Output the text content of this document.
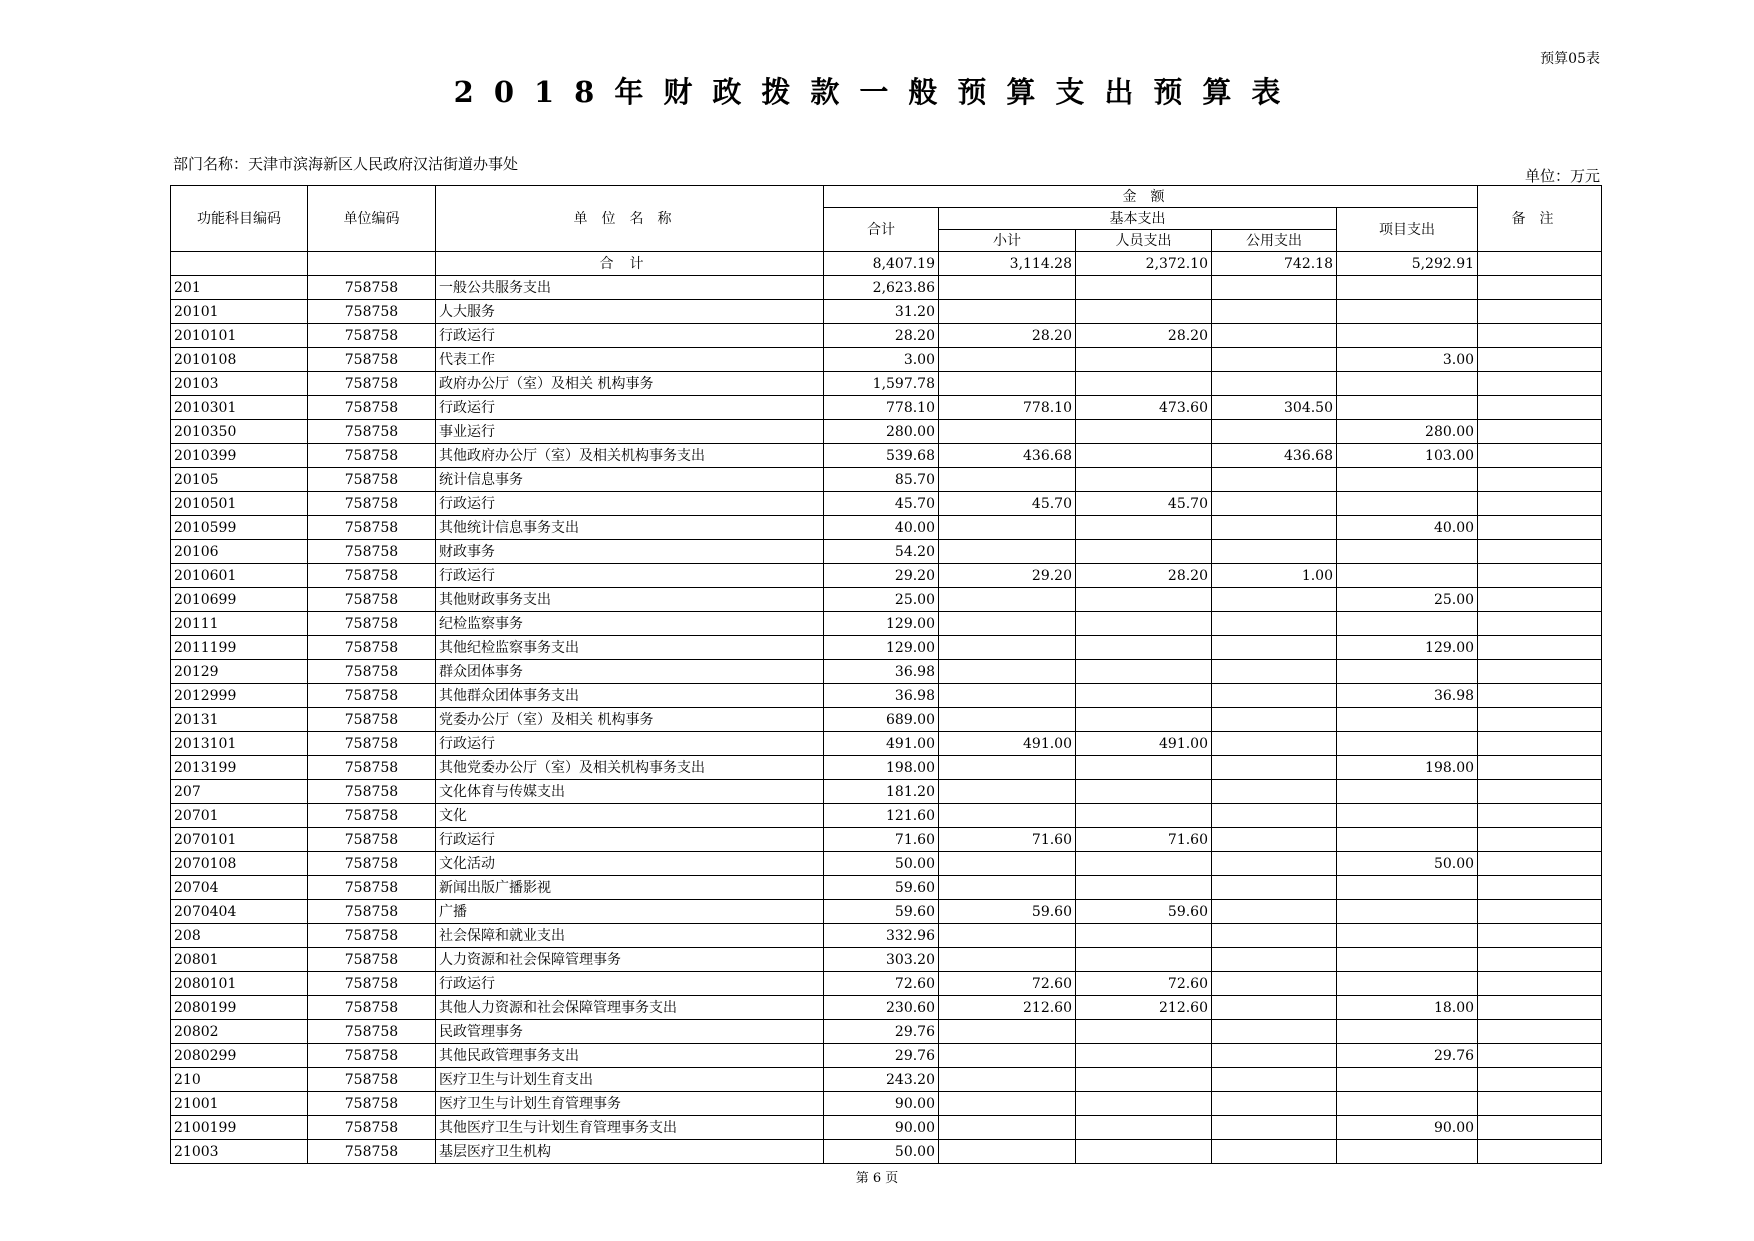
预算05表
2018年财政拨款一般预算支出预算表
部门名称：天津市滨海新区人民政府汉沽街道办事处
单位：万元
功能科目编码	单位编码	单位名称	金额					备注
			合计	基本支出			项目支出	
				小计	人员支出	公用支出		
		合计	8,407.19	3,114.28	2,372.10	742.18	5,292.91	
201	758758	一般公共服务支出	2,623.86					
20101	758758	人大服务	31.20					
2010101	758758	行政运行	28.20	28.20	28.20			
2010108	758758	代表工作	3.00				3.00	
20103	758758	政府办公厅（室）及相关 机构事务	1,597.78					
2010301	758758	行政运行	778.10	778.10	473.60	304.50		
2010350	758758	事业运行	280.00				280.00	
2010399	758758	其他政府办公厅（室）及相关机构事务支出	539.68	436.68		436.68	103.00	
20105	758758	统计信息事务	85.70					
2010501	758758	行政运行	45.70	45.70	45.70			
2010599	758758	其他统计信息事务支出	40.00				40.00	
20106	758758	财政事务	54.20					
2010601	758758	行政运行	29.20	29.20	28.20	1.00		
2010699	758758	其他财政事务支出	25.00				25.00	
20111	758758	纪检监察事务	129.00					
2011199	758758	其他纪检监察事务支出	129.00				129.00	
20129	758758	群众团体事务	36.98					
2012999	758758	其他群众团体事务支出	36.98				36.98	
20131	758758	党委办公厅（室）及相关 机构事务	689.00					
2013101	758758	行政运行	491.00	491.00	491.00			
2013199	758758	其他党委办公厅（室）及相关机构事务支出	198.00				198.00	
207	758758	文化体育与传媒支出	181.20					
20701	758758	文化	121.60					
2070101	758758	行政运行	71.60	71.60	71.60			
2070108	758758	文化活动	50.00				50.00	
20704	758758	新闻出版广播影视	59.60					
2070404	758758	广播	59.60	59.60	59.60			
208	758758	社会保障和就业支出	332.96					
20801	758758	人力资源和社会保障管理事务	303.20					
2080101	758758	行政运行	72.60	72.60	72.60			
2080199	758758	其他人力资源和社会保障管理事务支出	230.60	212.60	212.60		18.00	
20802	758758	民政管理事务	29.76					
2080299	758758	其他民政管理事务支出	29.76				29.76	
210	758758	医疗卫生与计划生育支出	243.20					
21001	758758	医疗卫生与计划生育管理事务	90.00					
2100199	758758	其他医疗卫生与计划生育管理事务支出	90.00				90.00	
21003	758758	基层医疗卫生机构	50.00					
第 6 页
